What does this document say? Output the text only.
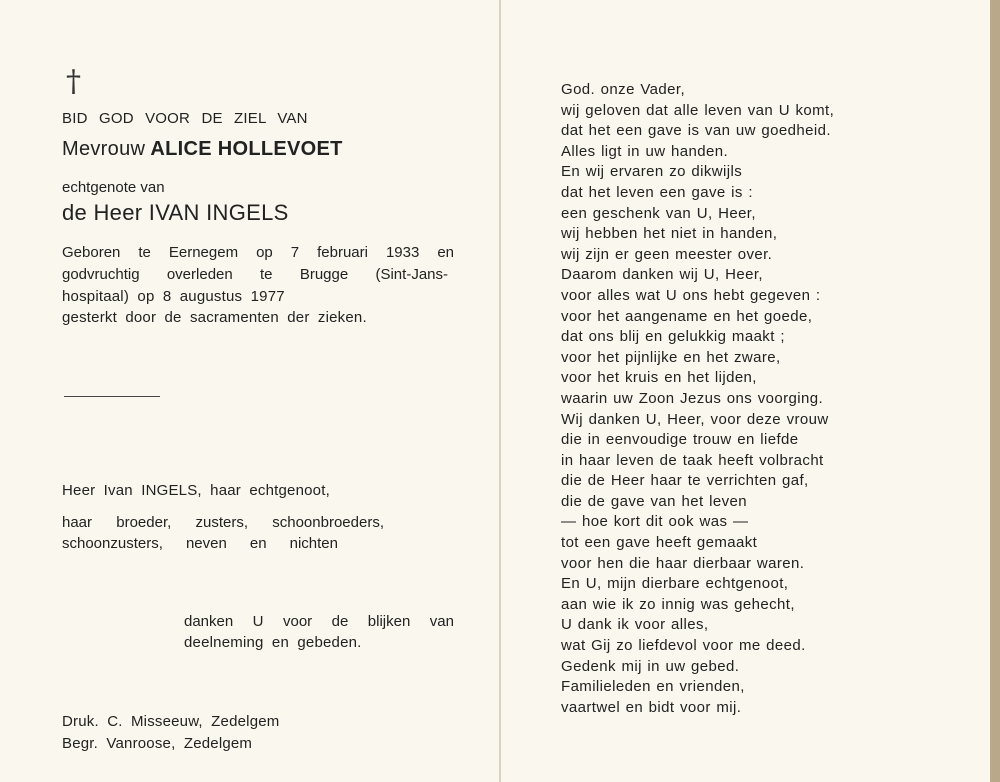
†
BID GOD VOOR DE ZIEL VAN
Mevrouw ALICE HOLLEVOET
echtgenote van
de Heer IVAN INGELS
Geboren te Eernegem op 7 februari 1933 en
godvruchtig overleden te Brugge (Sint-Jans-
hospitaal) op 8 augustus 1977
gesterkt door de sacramenten der zieken.
Heer Ivan INGELS, haar echtgenoot,
haar broeder, zusters, schoonbroeders,
schoonzusters, neven en nichten
danken U voor de blijken van
deelneming en gebeden.
Druk. C. Misseeuw, Zedelgem
Begr. Vanroose, Zedelgem
God. onze Vader,
wij geloven dat alle leven van U komt,
dat het een gave is van uw goedheid.
Alles ligt in uw handen.
En wij ervaren zo dikwijls
dat het leven een gave is :
een geschenk van U, Heer,
wij hebben het niet in handen,
wij zijn er geen meester over.
Daarom danken wij U, Heer,
voor alles wat U ons hebt gegeven :
voor het aangename en het goede,
dat ons blij en gelukkig maakt ;
voor het pijnlijke en het zware,
voor het kruis en het lijden,
waarin uw Zoon Jezus ons voorging.
Wij danken U, Heer, voor deze vrouw
die in eenvoudige trouw en liefde
in haar leven de taak heeft volbracht
die de Heer haar te verrichten gaf,
die de gave van het leven
— hoe kort dit ook was —
tot een gave heeft gemaakt
voor hen die haar dierbaar waren.
En U, mijn dierbare echtgenoot,
aan wie ik zo innig was gehecht,
U dank ik voor alles,
wat Gij zo liefdevol voor me deed.
Gedenk mij in uw gebed.
Familieleden en vrienden,
vaartwel en bidt voor mij.
